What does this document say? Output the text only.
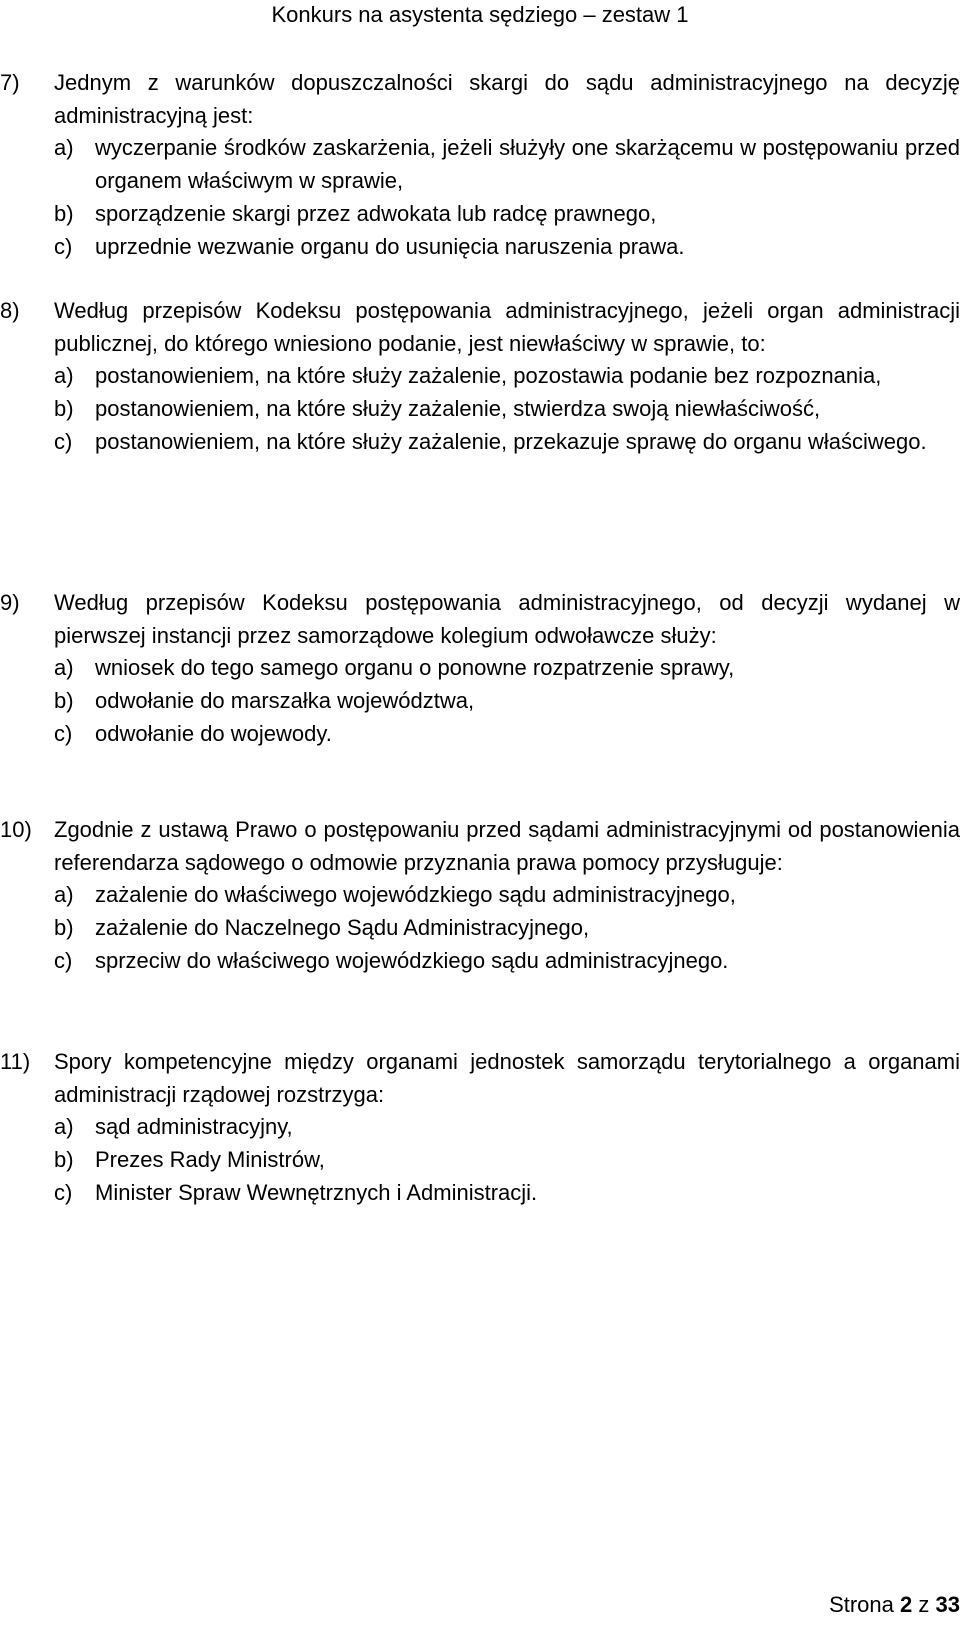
Konkurs na asystenta sędziego – zestaw 1
7)	Jednym z warunków dopuszczalności skargi do sądu administracyjnego na decyzję administracyjną jest:
a) wyczerpanie środków zaskarżenia, jeżeli służyły one skarżącemu w postępowaniu przed organem właściwym w sprawie,
b) sporządzenie skargi przez adwokata lub radcę prawnego,
c)	uprzednie wezwanie organu do usunięcia naruszenia prawa.
8)	Według przepisów Kodeksu postępowania administracyjnego, jeżeli organ administracji publicznej, do którego wniesiono podanie, jest niewłaściwy w sprawie, to:
a) postanowieniem, na które służy zażalenie, pozostawia podanie bez rozpoznania,
b) postanowieniem, na które służy zażalenie, stwierdza swoją niewłaściwość,
c)	postanowieniem, na które służy zażalenie, przekazuje sprawę do organu właściwego.
9)	Według przepisów Kodeksu postępowania administracyjnego, od decyzji wydanej w pierwszej instancji przez samorządowe kolegium odwoławcze służy:
a) wniosek do tego samego organu o ponowne rozpatrzenie sprawy,
b) odwołanie do marszałka województwa,
c)	odwołanie do wojewody.
10)	Zgodnie z ustawą Prawo o postępowaniu przed sądami administracyjnymi od postanowienia referendarza sądowego o odmowie przyznania prawa pomocy przysługuje:
a) zażalenie do właściwego wojewódzkiego sądu administracyjnego,
b) zażalenie do Naczelnego Sądu Administracyjnego,
c)	sprzeciw do właściwego wojewódzkiego sądu administracyjnego.
11)	Spory kompetencyjne między organami jednostek samorządu terytorialnego a organami administracji rządowej rozstrzyga:
a) sąd administracyjny,
b) Prezes Rady Ministrów,
c)	Minister Spraw Wewnętrznych i Administracji.
Strona 2 z 33
